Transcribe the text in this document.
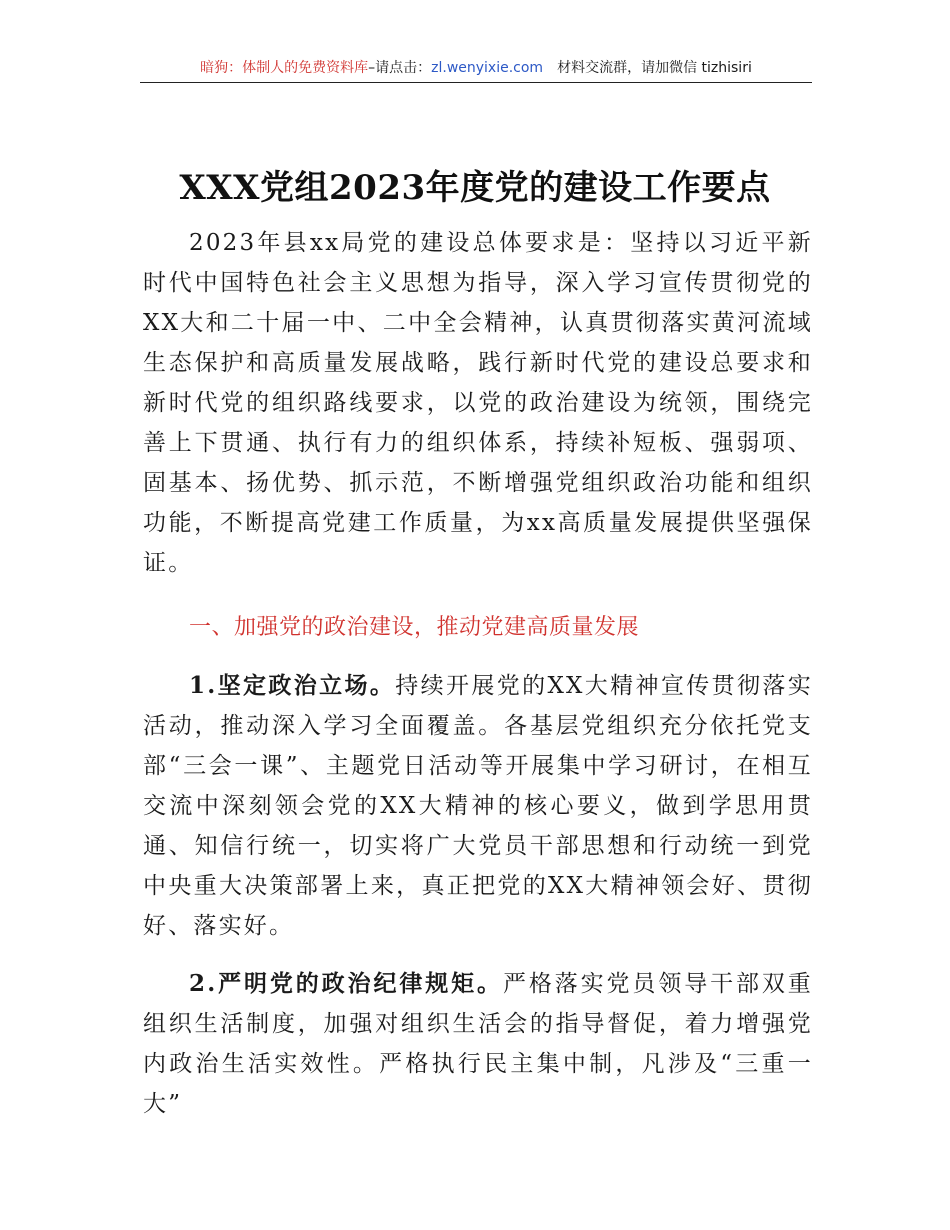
暗狗：体制人的免费资料库–请点击：zl.wenyixie.com 材料交流群，请加微信 tizhisiri
XXX党组2023年度党的建设工作要点

2023年县xx局党的建设总体要求是：坚持以习近平新时代中国特色社会主义思想为指导，深入学习宣传贯彻党的XX大和二十届一中、二中全会精神，认真贯彻落实黄河流域生态保护和高质量发展战略，践行新时代党的建设总要求和新时代党的组织路线要求，以党的政治建设为统领，围绕完善上下贯通、执行有力的组织体系，持续补短板、强弱项、固基本、扬优势、抓示范，不断增强党组织政治功能和组织功能，不断提高党建工作质量，为xx高质量发展提供坚强保证。

一、加强党的政治建设，推动党建高质量发展

1.坚定政治立场。持续开展党的XX大精神宣传贯彻落实活动，推动深入学习全面覆盖。各基层党组织充分依托党支部“三会一课”、主题党日活动等开展集中学习研讨，在相互交流中深刻领会党的XX大精神的核心要义，做到学思用贯通、知信行统一，切实将广大党员干部思想和行动统一到党中央重大决策部署上来，真正把党的XX大精神领会好、贯彻好、落实好。

2.严明党的政治纪律规矩。严格落实党员领导干部双重组织生活制度，加强对组织生活会的指导督促，着力增强党内政治生活实效性。严格执行民主集中制，凡涉及“三重一大”
